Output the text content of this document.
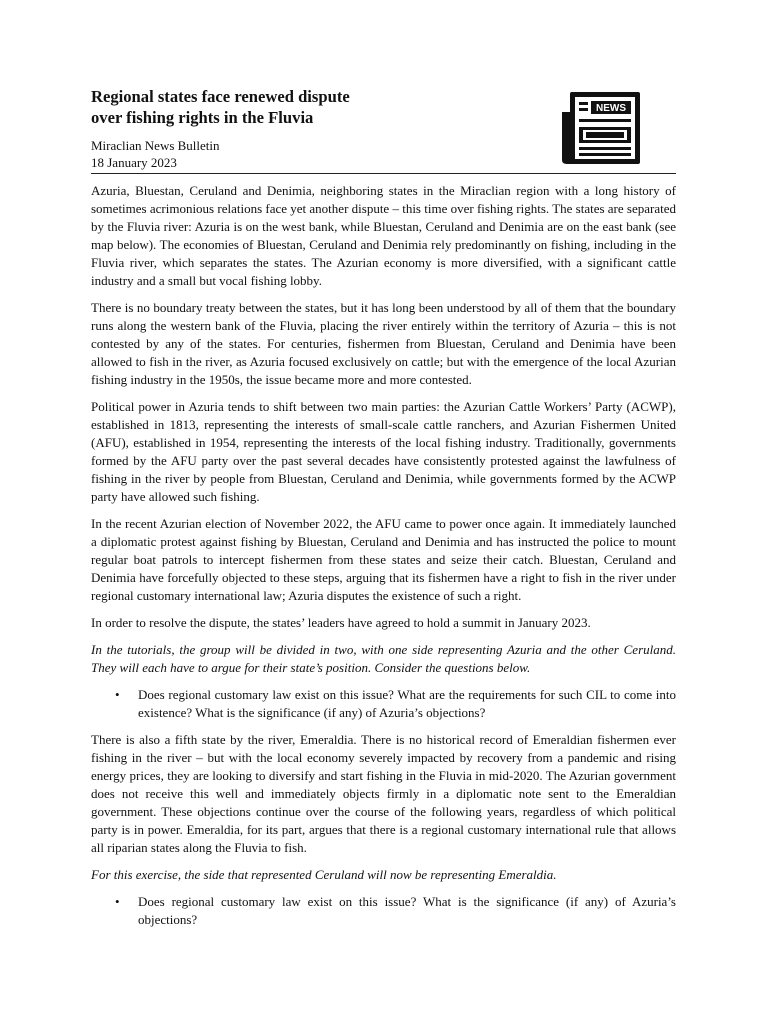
Regional states face renewed dispute
over fishing rights in the Fluvia
Miraclian News Bulletin
18 January 2023
NEWS

Azuria, Bluestan, Ceruland and Denimia, neighboring states in the Miraclian region with a long history of sometimes acrimonious relations face yet another dispute – this time over fishing rights. The states are separated by the Fluvia river: Azuria is on the west bank, while Bluestan, Ceruland and Denimia are on the east bank (see map below). The economies of Bluestan, Ceruland and Denimia rely predominantly on fishing, including in the Fluvia river, which separates the states. The Azurian economy is more diversified, with a significant cattle industry and a small but vocal fishing lobby.

There is no boundary treaty between the states, but it has long been understood by all of them that the boundary runs along the western bank of the Fluvia, placing the river entirely within the territory of Azuria – this is not contested by any of the states. For centuries, fishermen from Bluestan, Ceruland and Denimia have been allowed to fish in the river, as Azuria focused exclusively on cattle; but with the emergence of the local Azurian fishing industry in the 1950s, the issue became more and more contested.

Political power in Azuria tends to shift between two main parties: the Azurian Cattle Workers’ Party (ACWP), established in 1813, representing the interests of small-scale cattle ranchers, and Azurian Fishermen United (AFU), established in 1954, representing the interests of the local fishing industry. Traditionally, governments formed by the AFU party over the past several decades have consistently protested against the lawfulness of fishing in the river by people from Bluestan, Ceruland and Denimia, while governments formed by the ACWP party have allowed such fishing.

In the recent Azurian election of November 2022, the AFU came to power once again. It immediately launched a diplomatic protest against fishing by Bluestan, Ceruland and Denimia and has instructed the police to mount regular boat patrols to intercept fishermen from these states and seize their catch. Bluestan, Ceruland and Denimia have forcefully objected to these steps, arguing that its fishermen have a right to fish in the river under regional customary international law; Azuria disputes the existence of such a right.

In order to resolve the dispute, the states’ leaders have agreed to hold a summit in January 2023.

In the tutorials, the group will be divided in two, with one side representing Azuria and the other Ceruland. They will each have to argue for their state’s position. Consider the questions below.

• Does regional customary law exist on this issue? What are the requirements for such CIL to come into existence? What is the significance (if any) of Azuria’s objections?

There is also a fifth state by the river, Emeraldia. There is no historical record of Emeraldian fishermen ever fishing in the river – but with the local economy severely impacted by recovery from a pandemic and rising energy prices, they are looking to diversify and start fishing in the Fluvia in mid-2020. The Azurian government does not receive this well and immediately objects firmly in a diplomatic note sent to the Emeraldian government. These objections continue over the course of the following years, regardless of which political party is in power. Emeraldia, for its part, argues that there is a regional customary international rule that allows all riparian states along the Fluvia to fish.

For this exercise, the side that represented Ceruland will now be representing Emeraldia.

• Does regional customary law exist on this issue? What is the significance (if any) of Azuria’s objections?
